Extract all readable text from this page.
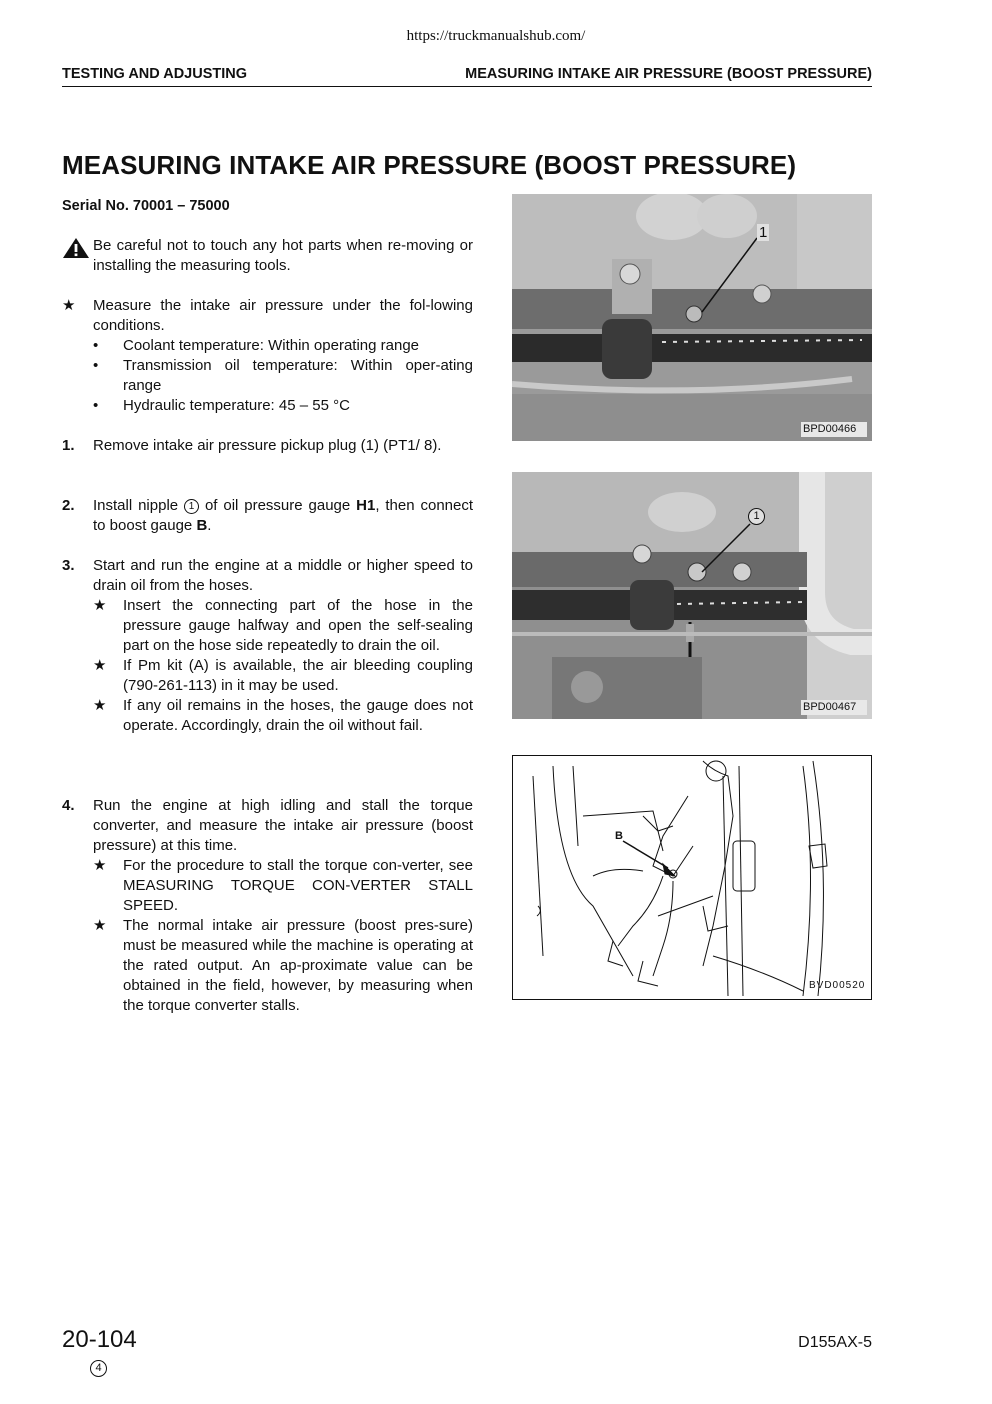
https://truckmanualshub.com/
TESTING AND ADJUSTING	MEASURING INTAKE AIR PRESSURE (BOOST PRESSURE)
MEASURING INTAKE AIR PRESSURE (BOOST PRESSURE)
Serial No. 70001 – 75000
Be careful not to touch any hot parts when re-moving or installing the measuring tools.
★ Measure the intake air pressure under the fol-lowing conditions.
• Coolant temperature: Within operating range
• Transmission oil temperature: Within oper-ating range
• Hydraulic temperature: 45 – 55 °C
1. Remove intake air pressure pickup plug (1) (PT1/ 8).
2. Install nipple 1 of oil pressure gauge H1, then connect to boost gauge B.
3. Start and run the engine at a middle or higher speed to drain oil from the hoses.
★ Insert the connecting part of the hose in the pressure gauge halfway and open the self-sealing part on the hose side repeatedly to drain the oil.
★ If Pm kit (A) is available, the air bleeding coupling (790-261-113) in it may be used.
★ If any oil remains in the hoses, the gauge does not operate. Accordingly, drain the oil without fail.
4. Run the engine at high idling and stall the torque converter, and measure the intake air pressure (boost pressure) at this time.
★ For the procedure to stall the torque con-verter, see MEASURING TORQUE CON-VERTER STALL SPEED.
★ The normal intake air pressure (boost pres-sure) must be measured while the machine is operating at the rated output. An ap-proximate value can be obtained in the field, however, by measuring when the torque converter stalls.
1
BPD00466
1
BPD00467
B
BVD00520
20-104
4
D155AX-5
